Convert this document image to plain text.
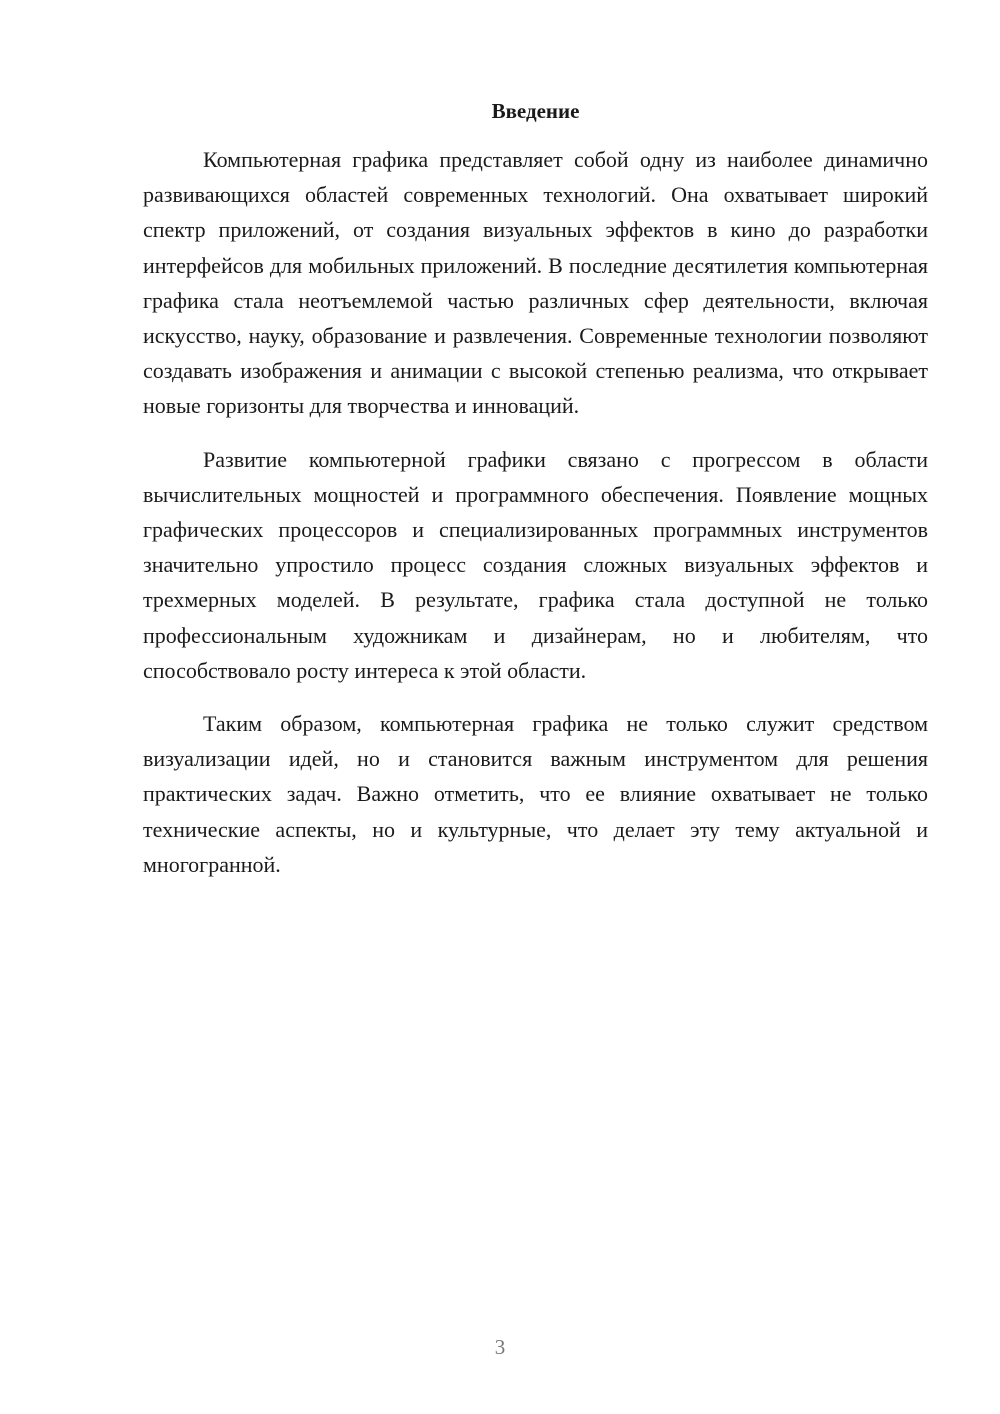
Введение

Компьютерная графика представляет собой одну из наиболее динамично развивающихся областей современных технологий. Она охватывает широкий спектр приложений, от создания визуальных эффектов в кино до разработки интерфейсов для мобильных приложений. В последние десятилетия компьютерная графика стала неотъемлемой частью различных сфер деятельности, включая искусство, науку, образование и развлечения. Современные технологии позволяют создавать изображения и анимации с высокой степенью реализма, что открывает новые горизонты для творчества и инноваций.

Развитие компьютерной графики связано с прогрессом в области вычислительных мощностей и программного обеспечения. Появление мощных графических процессоров и специализированных программных инструментов значительно упростило процесс создания сложных визуальных эффектов и трехмерных моделей. В результате, графика стала доступной не только профессиональным художникам и дизайнерам, но и любителям, что способствовало росту интереса к этой области.

Таким образом, компьютерная графика не только служит средством визуализации идей, но и становится важным инструментом для решения практических задач. Важно отметить, что ее влияние охватывает не только технические аспекты, но и культурные, что делает эту тему актуальной и многогранной.

3
